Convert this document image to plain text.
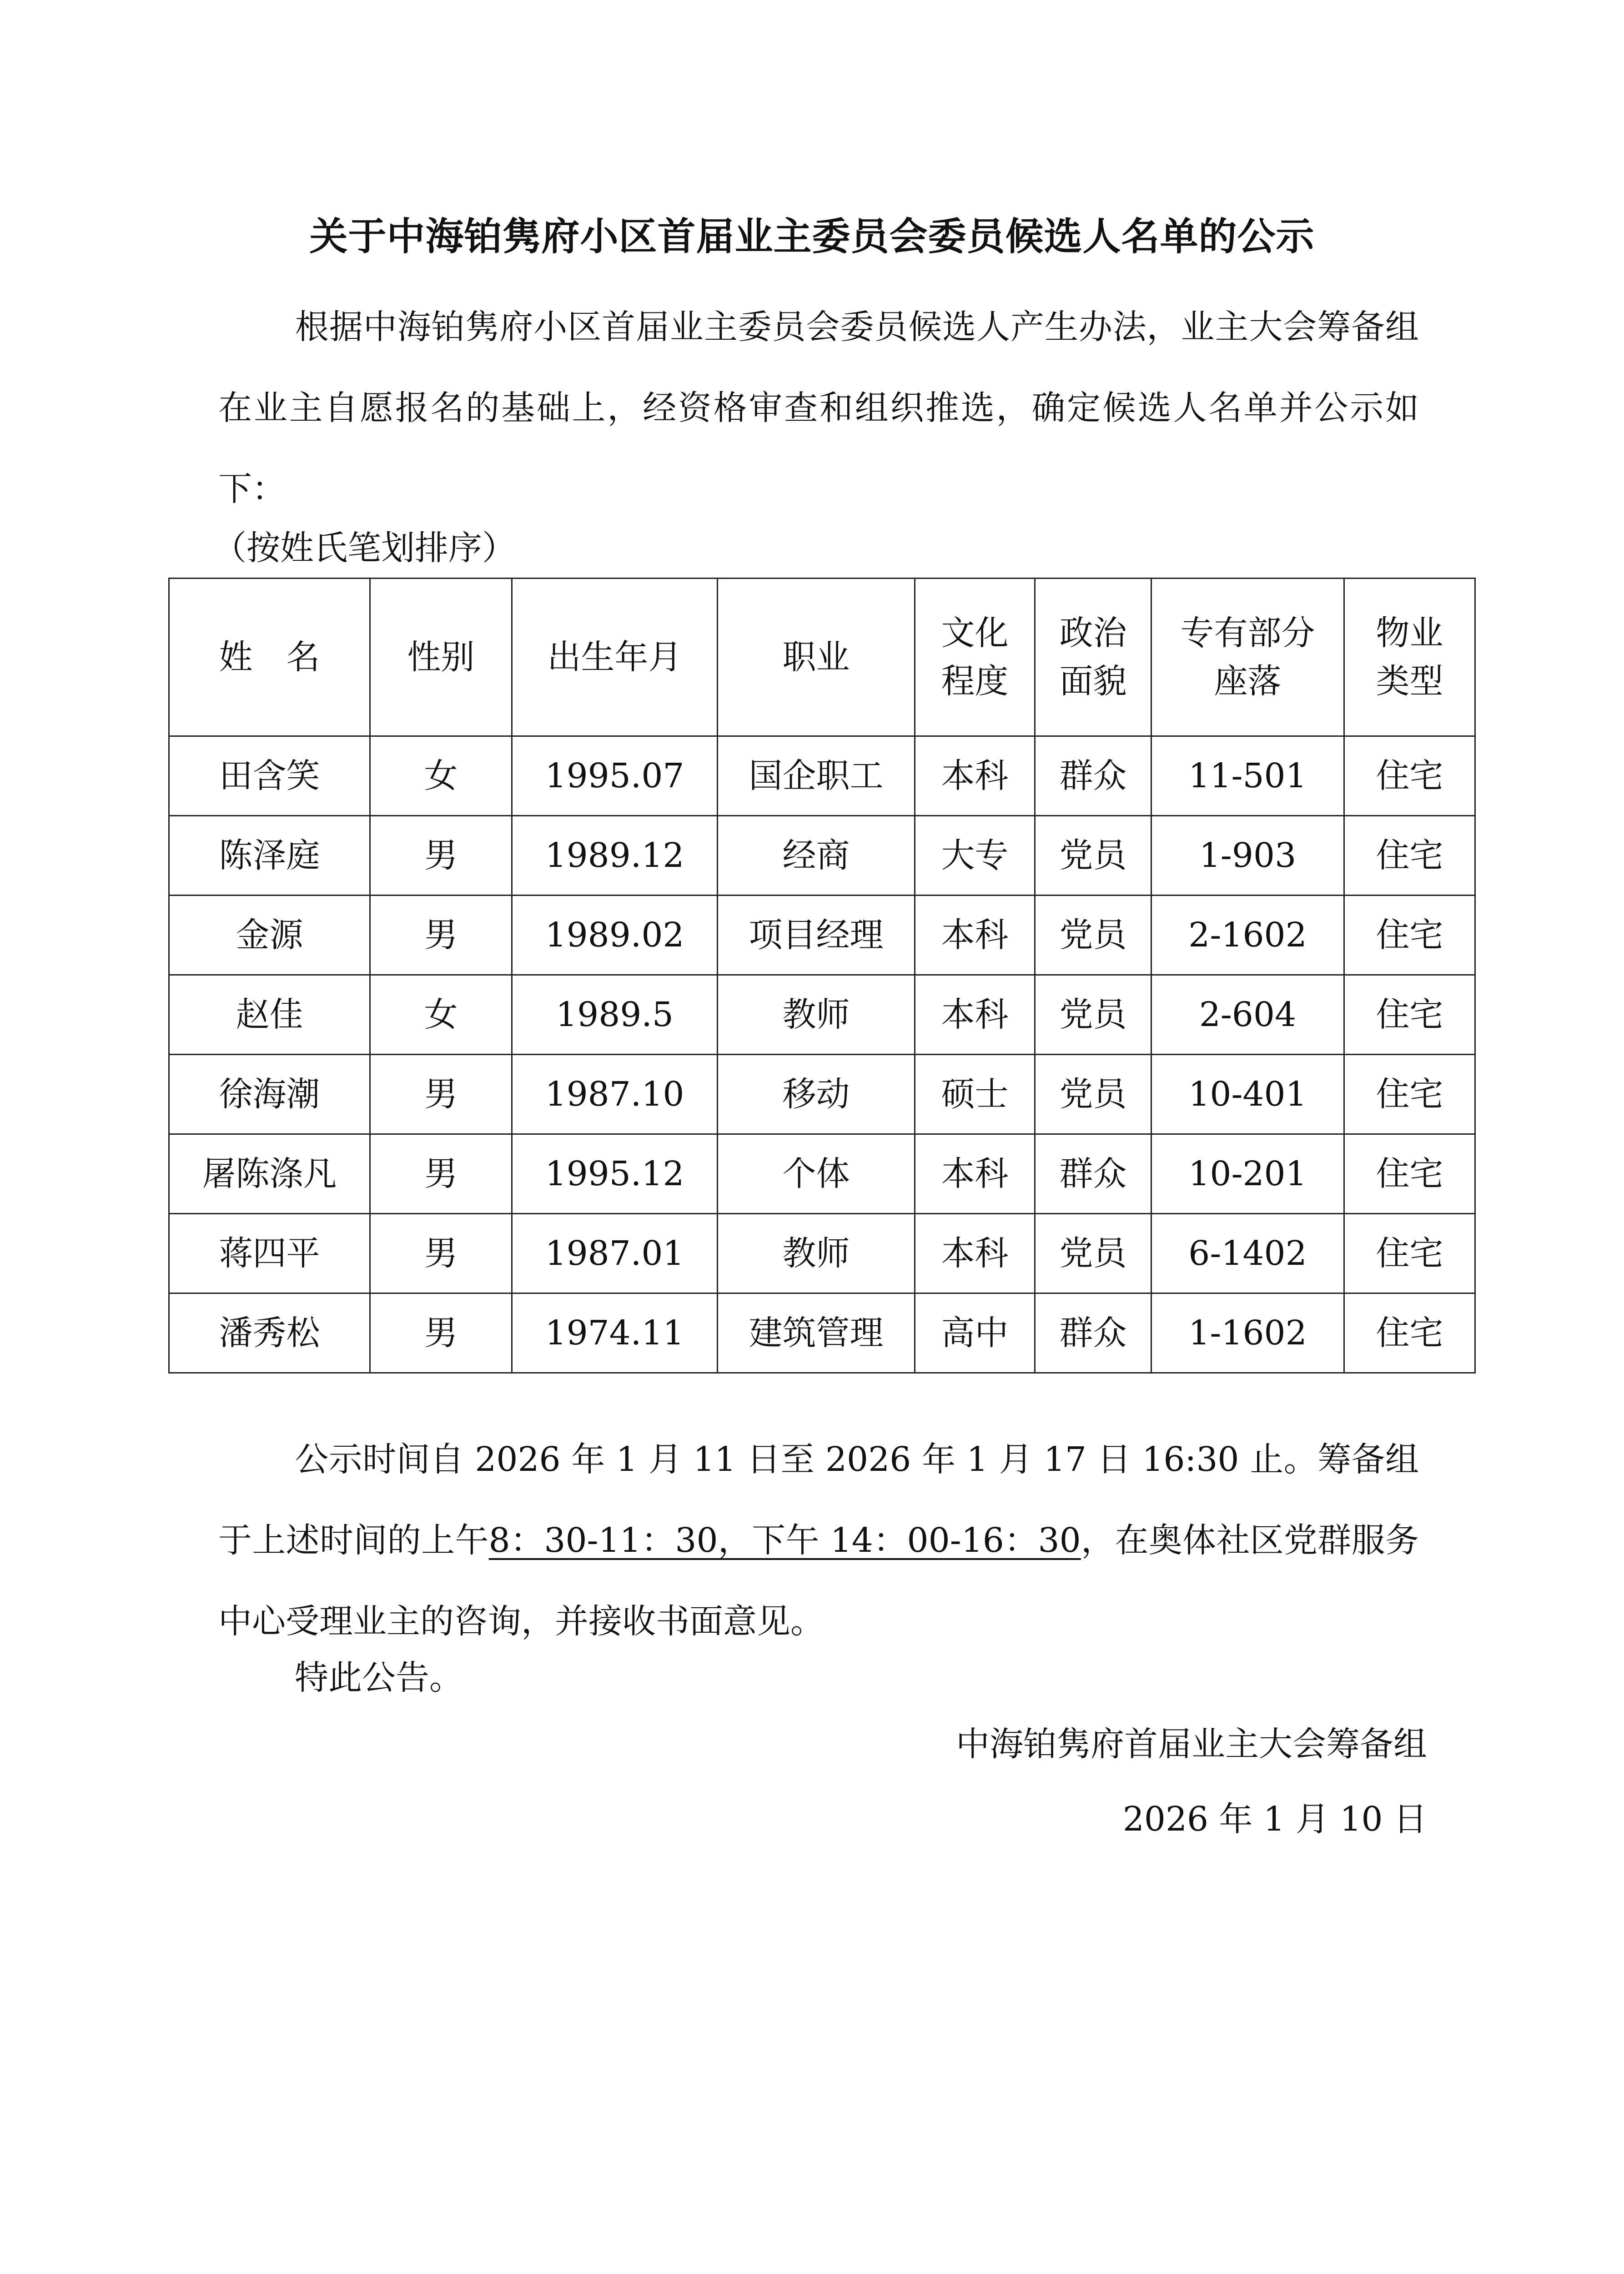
关于中海铂隽府小区首届业主委员会委员候选人名单的公示
根据中海铂隽府小区首届业主委员会委员候选人产生办法，业主大会筹备组在业主自愿报名的基础上，经资格审查和组织推选，确定候选人名单并公示如下：
（按姓氏笔划排序）
姓　名	性别	出生年月	职业	文化程度	政治面貌	专有部分座落	物业类型

田含笑	女	1995.07	国企职工	本科	群众	11-501	住宅
陈泽庭	男	1989.12	经商	大专	党员	1-903	住宅
金源	男	1989.02	项目经理	本科	党员	2-1602	住宅
赵佳	女	1989.5	教师	本科	党员	2-604	住宅
徐海潮	男	1987.10	移动	硕士	党员	10-401	住宅
屠陈涤凡	男	1995.12	个体	本科	群众	10-201	住宅
蒋四平	男	1987.01	教师	本科	党员	6-1402	住宅
潘秀松	男	1974.11	建筑管理	高中	群众	1-1602	住宅
公示时间自 2026 年 1 月 11 日至 2026 年 1 月 17 日 16:30 止。筹备组于上述时间的上午8：30-11：30，下午 14：00-16：30，在奥体社区党群服务中心受理业主的咨询，并接收书面意见。
特此公告。
中海铂隽府首届业主大会筹备组
2026 年 1 月 10 日
